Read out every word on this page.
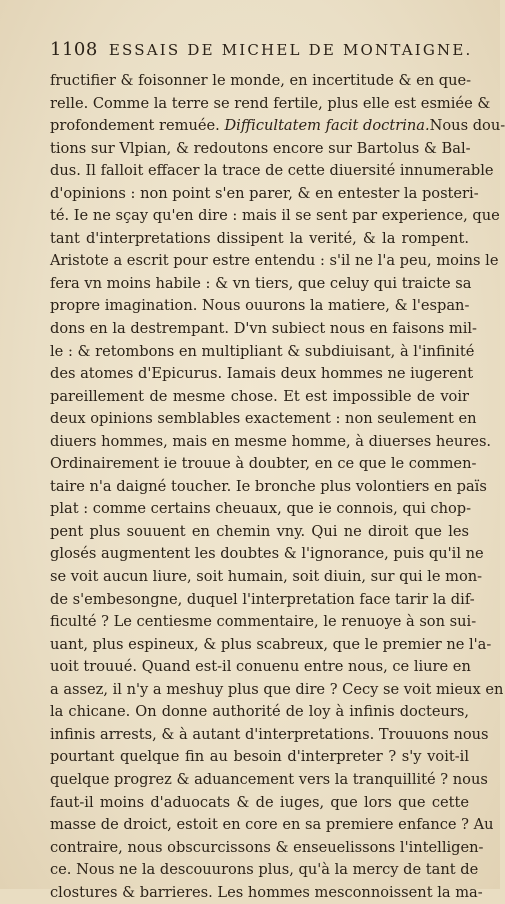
1108 ESSAIS DE MICHEL DE MONTAIGNE.
fructifier & foisonner le monde, en incertitude & en que-
relle. Comme la terre se rend fertile, plus elle est esmiée &
profondement remuée. Difficultatem facit doctrina.Nous dou-
tions sur Vlpian, & redoutons encore sur Bartolus & Bal-
dus. Il falloit effacer la trace de cette diuersité innumerable
d'opinions : non point s'en parer, & en entester la posteri-
té. Ie ne sçay qu'en dire : mais il se sent par experience, que
tant d'interpretations dissipent la verité, & la rompent.
Aristote a escrit pour estre entendu : s'il ne l'a peu, moins le
fera vn moins habile : & vn tiers, que celuy qui traicte sa
propre imagination. Nous ouurons la matiere, & l'espan-
dons en la destrempant. D'vn subiect nous en faisons mil-
le : & retombons en multipliant & subdiuisant, à l'infinité
des atomes d'Epicurus. Iamais deux hommes ne iugerent
pareillement de mesme chose. Et est impossible de voir
deux opinions semblables exactement : non seulement en
diuers hommes, mais en mesme homme, à diuerses heures.
Ordinairement ie trouue à doubter, en ce que le commen-
taire n'a daigné toucher. Ie bronche plus volontiers en païs
plat : comme certains cheuaux, que ie connois, qui chop-
pent plus souuent en chemin vny. Qui ne diroit que les
glosés augmentent les doubtes & l'ignorance, puis qu'il ne
se voit aucun liure, soit humain, soit diuin, sur qui le mon-
de s'embesongne, duquel l'interpretation face tarir la dif-
ficulté ? Le centiesme commentaire, le renuoye à son sui-
uant, plus espineux, & plus scabreux, que le premier ne l'a-
uoit trouué. Quand est-il conuenu entre nous, ce liure en
a assez, il n'y a meshuy plus que dire ? Cecy se voit mieux en
la chicane. On donne authorité de loy à infinis docteurs,
infinis arrests, & à autant d'interpretations. Trouuons nous
pourtant quelque fin au besoin d'interpreter ? s'y voit-il
quelque progrez & aduancement vers la tranquillité ? nous
faut-il moins d'aduocats & de iuges, que lors que cette
masse de droict, estoit en core en sa premiere enfance ? Au
contraire, nous obscurcissons & enseuelissons l'intelligen-
ce. Nous ne la descouurons plus, qu'à la mercy de tant de
clostures & barrieres. Les hommes mesconnoissent la ma-
